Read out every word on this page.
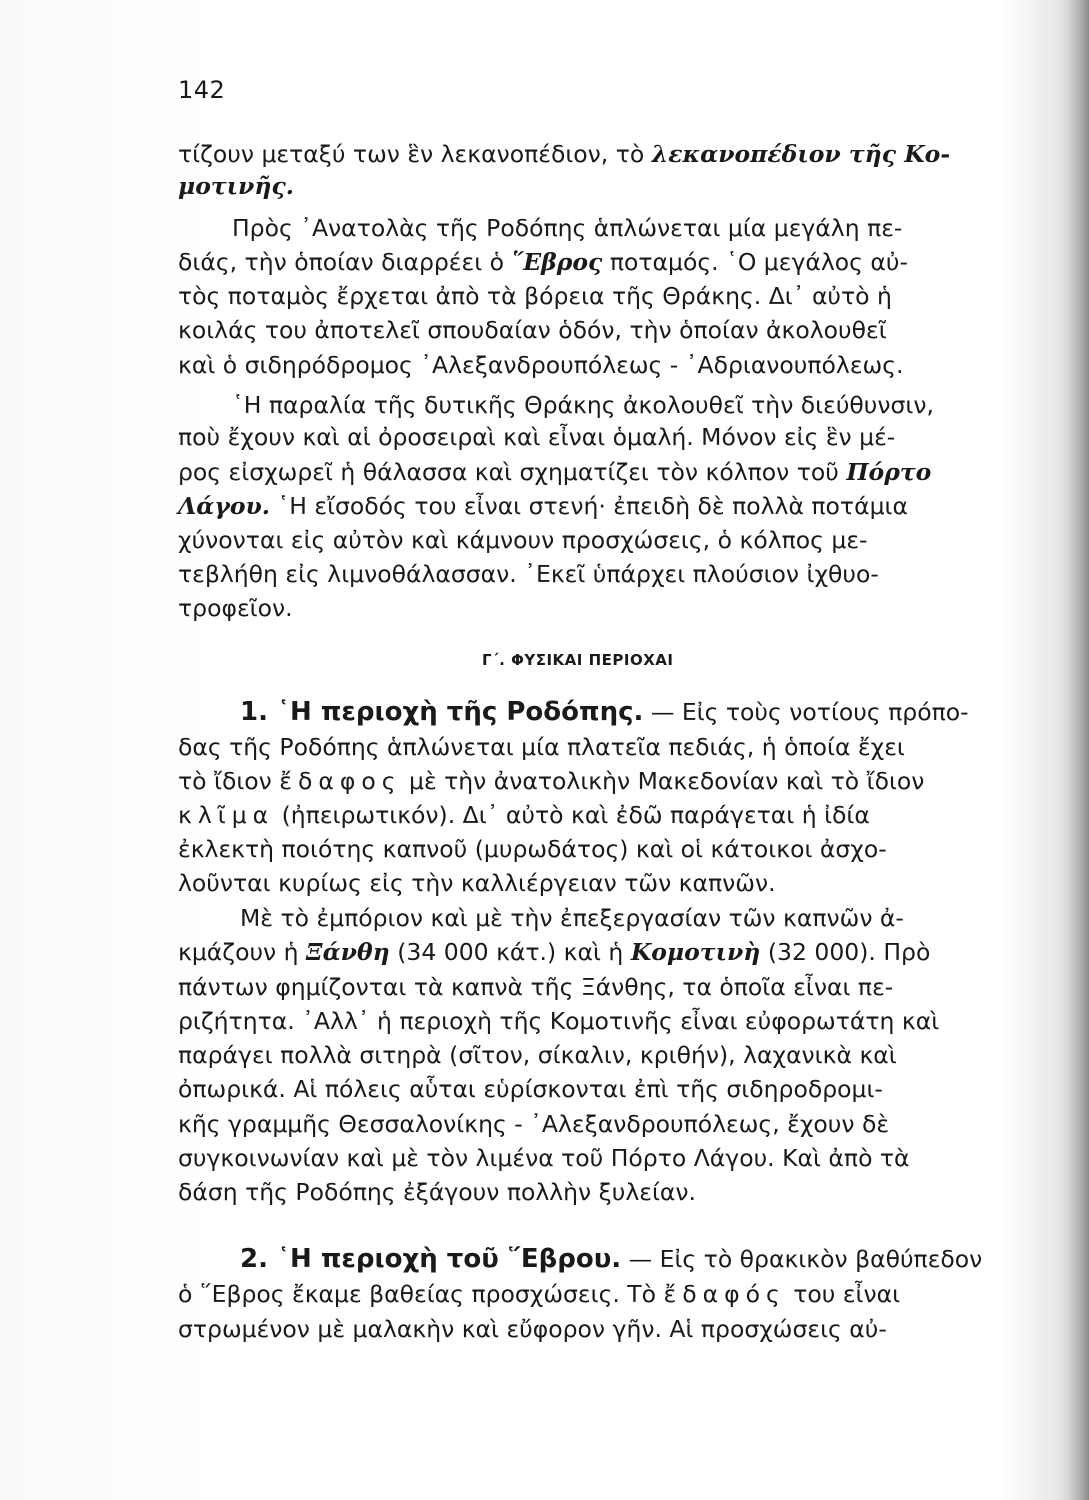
142
τίζουν μεταξύ των ἓν λεκανοπέδιον, τὸ λεκανοπέδιον τῆς Κο-
μοτινῆς.
Πρὸς ᾿Ανατολὰς τῆς Ροδόπης ἁπλώνεται μία μεγάλη πε-
διάς, τὴν ὁποίαν διαρρέει ὁ ῞Εβρος ποταμός. ῾Ο μεγάλος αὐ-
τὸς ποταμὸς ἔρχεται ἀπὸ τὰ βόρεια τῆς Θράκης. Δι᾿ αὐτὸ ἡ
κοιλάς του ἀποτελεῖ σπουδαίαν ὁδόν, τὴν ὁποίαν ἀκολουθεῖ
καὶ ὁ σιδηρόδρομος ᾿Αλεξανδρουπόλεως - ᾿Αδριανουπόλεως.
῾Η παραλία τῆς δυτικῆς Θράκης ἀκολουθεῖ τὴν διεύθυνσιν,
ποὺ ἔχουν καὶ αἱ ὀροσειραὶ καὶ εἶναι ὁμαλή. Μόνον εἰς ἓν μέ-
ρος εἰσχωρεῖ ἡ θάλασσα καὶ σχηματίζει τὸν κόλπον τοῦ Πόρτο
Λάγου. ῾Η εἴσοδός του εἶναι στενή· ἐπειδὴ δὲ πολλὰ ποτάμια
χύνονται εἰς αὐτὸν καὶ κάμνουν προσχώσεις, ὁ κόλπος με-
τεβλήθη εἰς λιμνοθάλασσαν. ᾿Εκεῖ ὑπάρχει πλούσιον ἰχθυο-
τροφεῖον.
Γ΄. ΦΥΣΙΚΑΙ ΠΕΡΙΟΧΑΙ
1. ῾Η περιοχὴ τῆς Ροδόπης. — Εἰς τοὺς νοτίους πρόπο-
δας τῆς Ροδόπης ἁπλώνεται μία πλατεῖα πεδιάς, ἡ ὁποία ἔχει
τὸ ἴδιον ἔδαφος μὲ τὴν ἀνατολικὴν Μακεδονίαν καὶ τὸ ἴδιον
κλῖμα (ἠπειρωτικόν). Δι᾿ αὐτὸ καὶ ἐδῶ παράγεται ἡ ἰδία
ἐκλεκτὴ ποιότης καπνοῦ (μυρωδάτος) καὶ οἱ κάτοικοι ἀσχο-
λοῦνται κυρίως εἰς τὴν καλλιέργειαν τῶν καπνῶν.
Μὲ τὸ ἐμπόριον καὶ μὲ τὴν ἐπεξεργασίαν τῶν καπνῶν ἀ-
κμάζουν ἡ Ξάνθη (34 000 κάτ.) καὶ ἡ Κομοτινὴ (32 000). Πρὸ
πάντων φημίζονται τὰ καπνὰ τῆς Ξάνθης, τα ὁποῖα εἶναι πε-
ριζήτητα. ᾿Αλλ᾿ ἡ περιοχὴ τῆς Κομοτινῆς εἶναι εὐφορωτάτη καὶ
παράγει πολλὰ σιτηρὰ (σῖτον, σίκαλιν, κριθήν), λαχανικὰ καὶ
ὀπωρικά. Αἱ πόλεις αὗται εὑρίσκονται ἐπὶ τῆς σιδηροδρομι-
κῆς γραμμῆς Θεσσαλονίκης - ᾿Αλεξανδρουπόλεως, ἔχουν δὲ
συγκοινωνίαν καὶ μὲ τὸν λιμένα τοῦ Πόρτο Λάγου. Καὶ ἀπὸ τὰ
δάση τῆς Ροδόπης ἐξάγουν πολλὴν ξυλείαν.
2. ῾Η περιοχὴ τοῦ ῞Εβρου. — Εἰς τὸ θρακικὸν βαθύπεδον
ὁ ῞Εβρος ἔκαμε βαθείας προσχώσεις. Τὸ ἔδαφός του εἶναι
στρωμένον μὲ μαλακὴν καὶ εὔφορον γῆν. Αἱ προσχώσεις αὐ-
